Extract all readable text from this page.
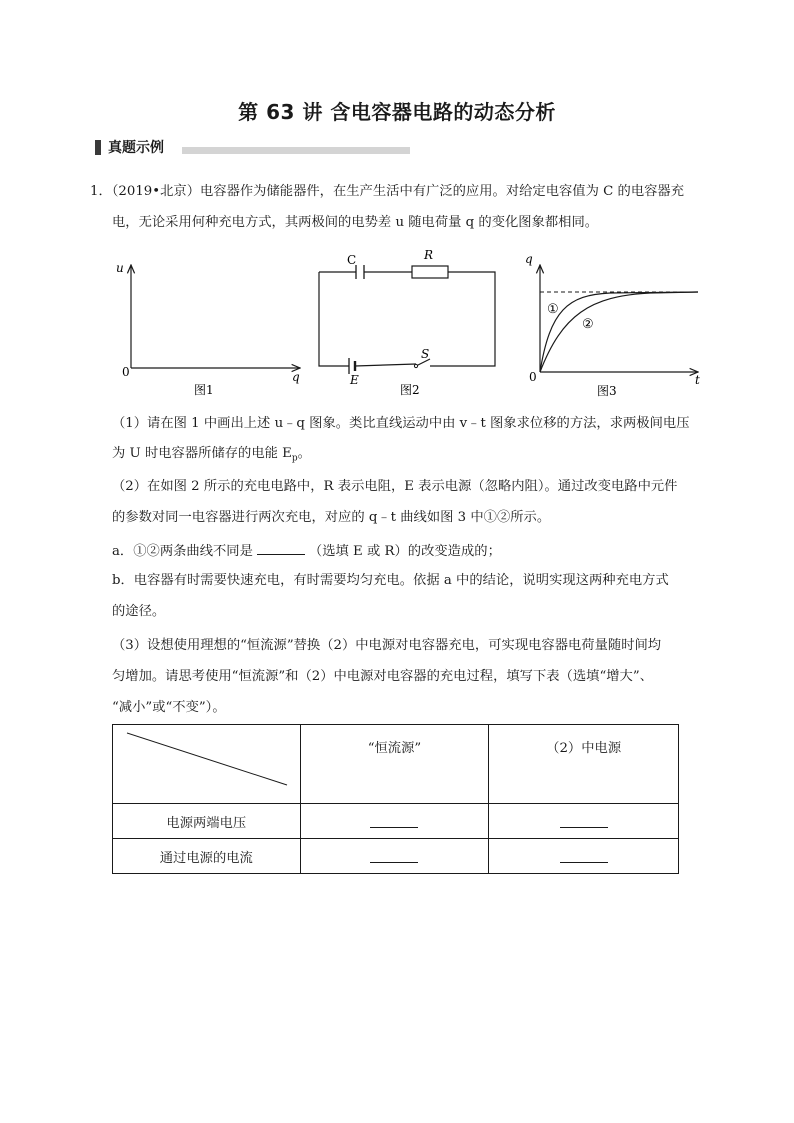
第 63 讲 含电容器电路的动态分析
真题示例
1．（2019•北京）电容器作为储能器件，在生产生活中有广泛的应用。对给定电容值为 C 的电容器充
电，无论采用何种充电方式，其两极间的电势差 u 随电荷量 q 的变化图象都相同。
u
q
0
图1
C	R
E
S
图2
q
t
0
①
②
图3
（1）请在图 1 中画出上述 u﹣q 图象。类比直线运动中由 v﹣t 图象求位移的方法，求两极间电压
为 U 时电容器所储存的电能 $E_p$。
（2）在如图 2 所示的充电电路中，R 表示电阻，E 表示电源（忽略内阻）。通过改变电路中元件
的参数对同一电容器进行两次充电，对应的 q﹣t 曲线如图 3 中①②所示。
a．①②两条曲线不同是	（选填 E 或 R）的改变造成的；
b．电容器有时需要快速充电，有时需要均匀充电。依据 a 中的结论，说明实现这两种充电方式
的途径。
（3）设想使用理想的“恒流源”替换（2）中电源对电容器充电，可实现电容器电荷量随时间均
匀增加。请思考使用“恒流源”和（2）中电源对电容器的充电过程，填写下表（选填“增大”、
“减小”或“不变”）。
	“恒流源”	（2）中电源
电源两端电压		
通过电源的电流		
